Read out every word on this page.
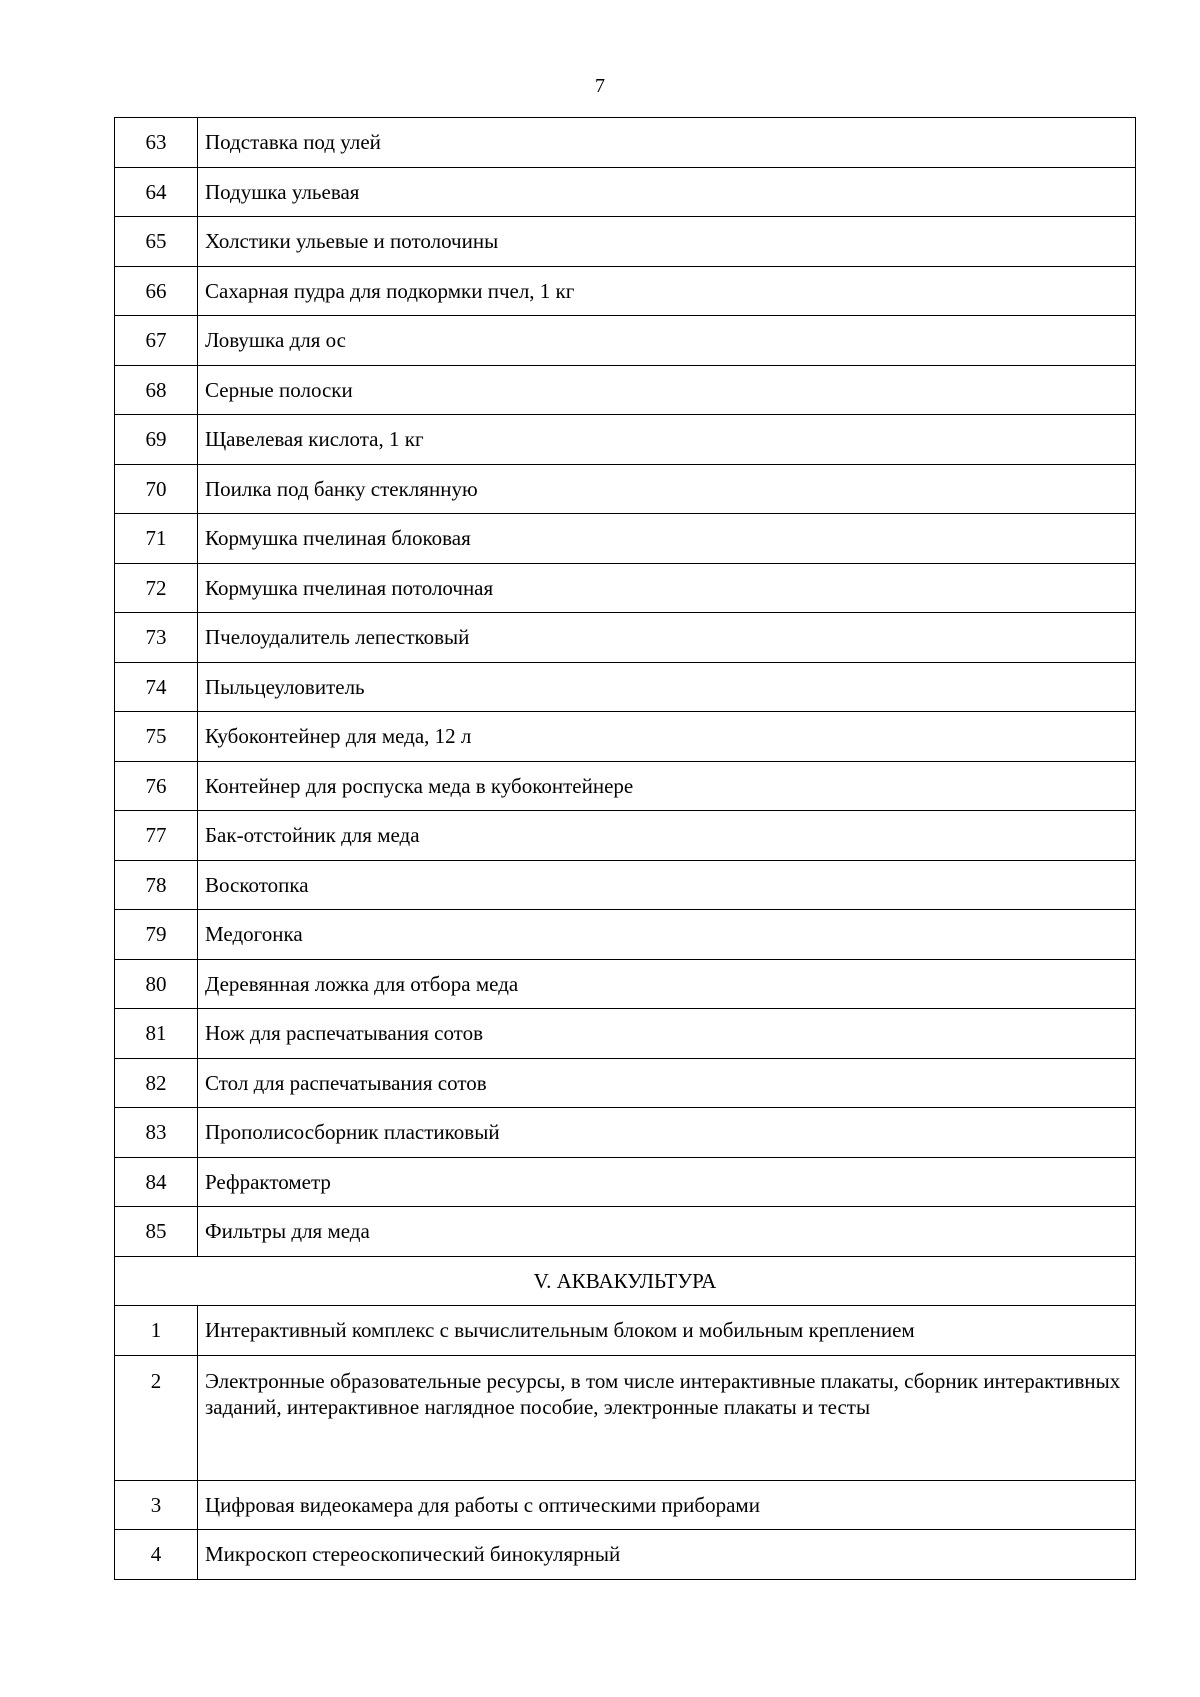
7
63	Подставка под улей
64	Подушка ульевая
65	Холстики ульевые и потолочины
66	Сахарная пудра для подкормки пчел, 1 кг
67	Ловушка для ос
68	Серные полоски
69	Щавелевая кислота, 1 кг
70	Поилка под банку стеклянную
71	Кормушка пчелиная блоковая
72	Кормушка пчелиная потолочная
73	Пчелоудалитель лепестковый
74	Пыльцеуловитель
75	Кубоконтейнер для меда, 12 л
76	Контейнер для роспуска меда в кубоконтейнере
77	Бак-отстойник для меда
78	Воскотопка
79	Медогонка
80	Деревянная ложка для отбора меда
81	Нож для распечатывания сотов
82	Стол для распечатывания сотов
83	Прополисосборник пластиковый
84	Рефрактометр
85	Фильтры для меда
V. АКВАКУЛЬТУРА	
1	Интерактивный комплекс с вычислительным блоком и мобильным креплением
2	Электронные образовательные ресурсы, в том числе интерактивные плакаты, сборник интерактивных заданий, интерактивное наглядное пособие, электронные плакаты и тесты
3	Цифровая видеокамера для работы с оптическими приборами
4	Микроскоп стереоскопический бинокулярный
